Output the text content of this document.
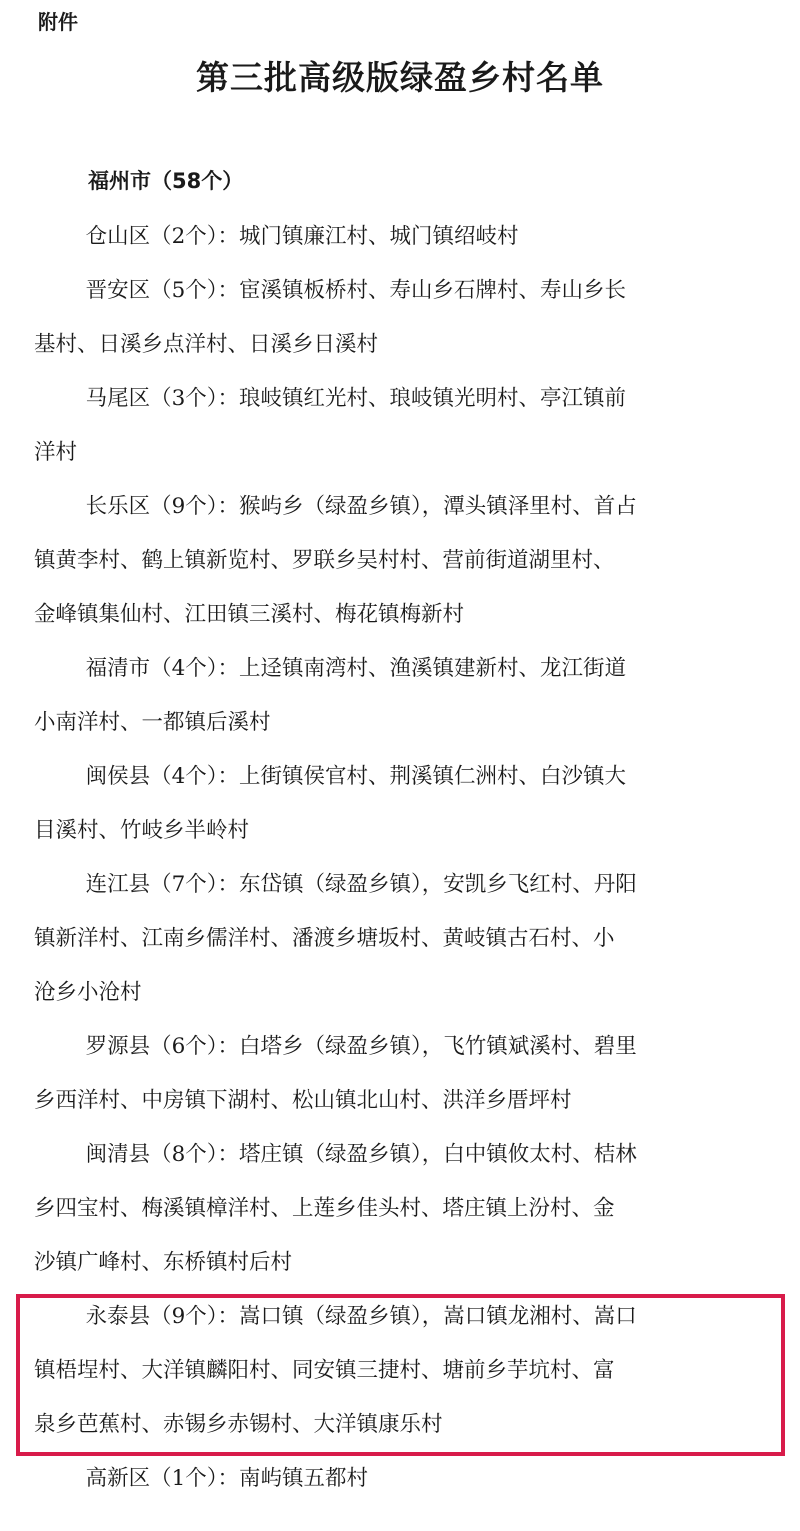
附件
第三批高级版绿盈乡村名单
福州市（58个）

仓山区（2个）：城门镇廉江村、城门镇绍岐村

晋安区（5个）：宦溪镇板桥村、寿山乡石牌村、寿山乡长
基村、日溪乡点洋村、日溪乡日溪村

马尾区（3个）：琅岐镇红光村、琅岐镇光明村、亭江镇前
洋村

长乐区（9个）：猴屿乡（绿盈乡镇），潭头镇泽里村、首占
镇黄李村、鹤上镇新览村、罗联乡吴村村、营前街道湖里村、
金峰镇集仙村、江田镇三溪村、梅花镇梅新村

福清市（4个）：上迳镇南湾村、渔溪镇建新村、龙江街道
小南洋村、一都镇后溪村

闽侯县（4个）：上街镇侯官村、荆溪镇仁洲村、白沙镇大
目溪村、竹岐乡半岭村

连江县（7个）：东岱镇（绿盈乡镇），安凯乡飞红村、丹阳
镇新洋村、江南乡儒洋村、潘渡乡塘坂村、黄岐镇古石村、小
沧乡小沧村

罗源县（6个）：白塔乡（绿盈乡镇），飞竹镇斌溪村、碧里
乡西洋村、中房镇下湖村、松山镇北山村、洪洋乡厝坪村

闽清县（8个）：塔庄镇（绿盈乡镇），白中镇攸太村、桔林
乡四宝村、梅溪镇樟洋村、上莲乡佳头村、塔庄镇上汾村、金
沙镇广峰村、东桥镇村后村

永泰县（9个）：嵩口镇（绿盈乡镇），嵩口镇龙湘村、嵩口
镇梧埕村、大洋镇麟阳村、同安镇三捷村、塘前乡芋坑村、富
泉乡芭蕉村、赤锡乡赤锡村、大洋镇康乐村

高新区（1个）：南屿镇五都村
